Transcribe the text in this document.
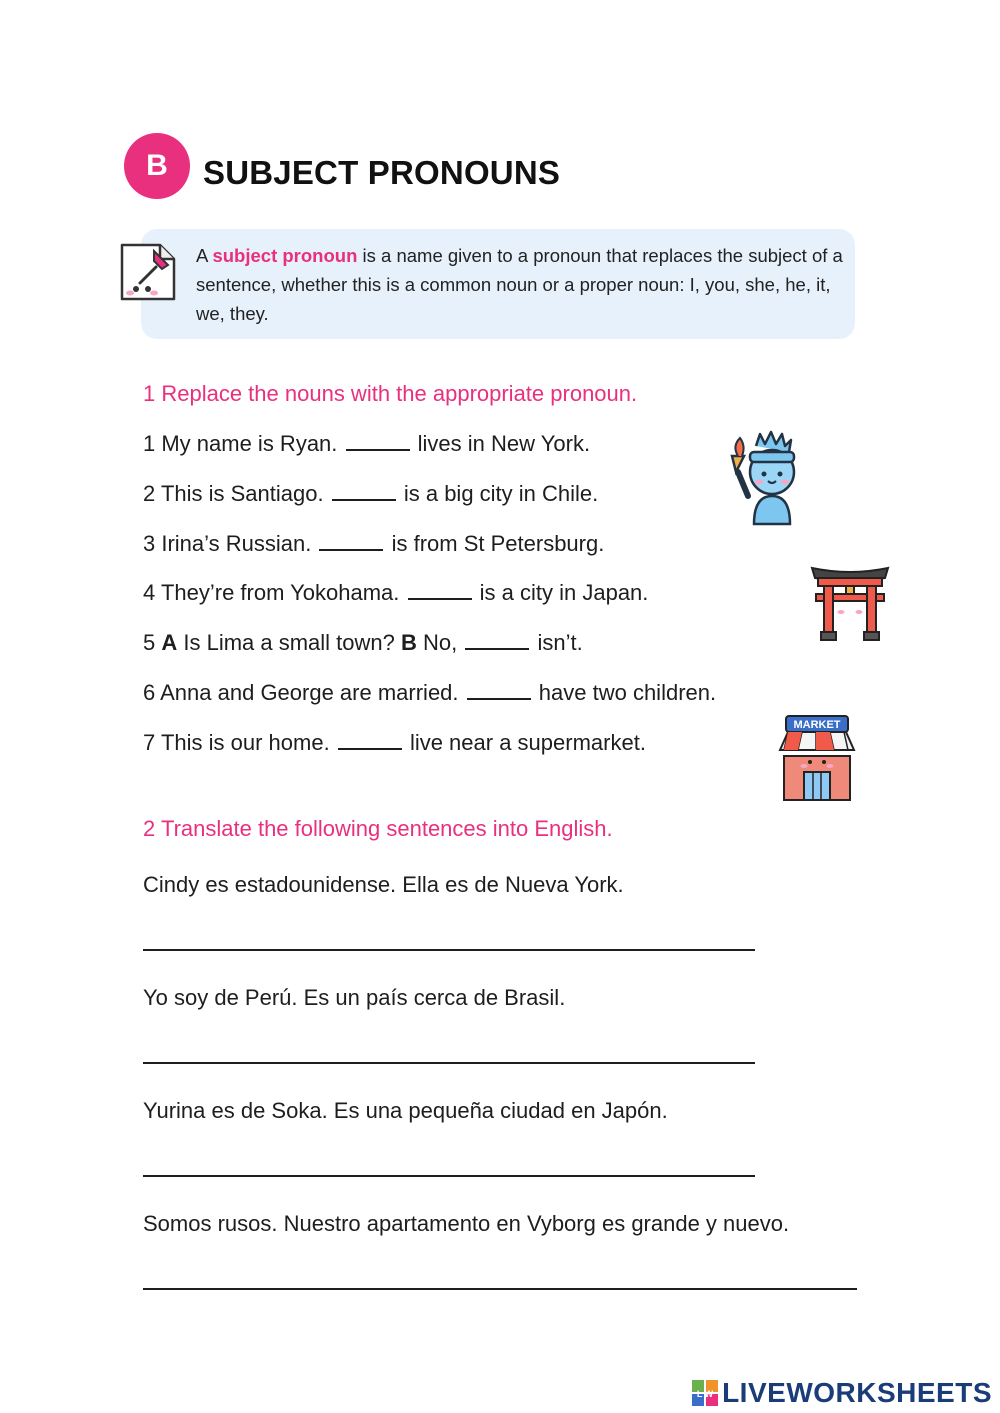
B	SUBJECT PRONOUNS
A subject pronoun is a name given to a pronoun that replaces the subject of a sentence, whether this is a common noun or a proper noun: I, you, she, he, it, we, they.
1 Replace the nouns with the appropriate pronoun.
1 My name is Ryan.	lives in New York.
2 This is Santiago.	is a big city in Chile.
3 Irina’s Russian.	is from St Petersburg.
4 They’re from Yokohama.	is a city in Japan.
5 A Is Lima a small town? B No,	isn’t.
6 Anna and George are married.	have two children.
7 This is our home.	live near a supermarket.
MARKET
2 Translate the following sentences into English.
Cindy es estadounidense. Ella es de Nueva York.
Yo soy de Perú. Es un país cerca de Brasil.
Yurina es de Soka. Es una pequeña ciudad en Japón.
Somos rusos. Nuestro apartamento en Vyborg es grande y nuevo.
L W LIVEWORKSHEETS
